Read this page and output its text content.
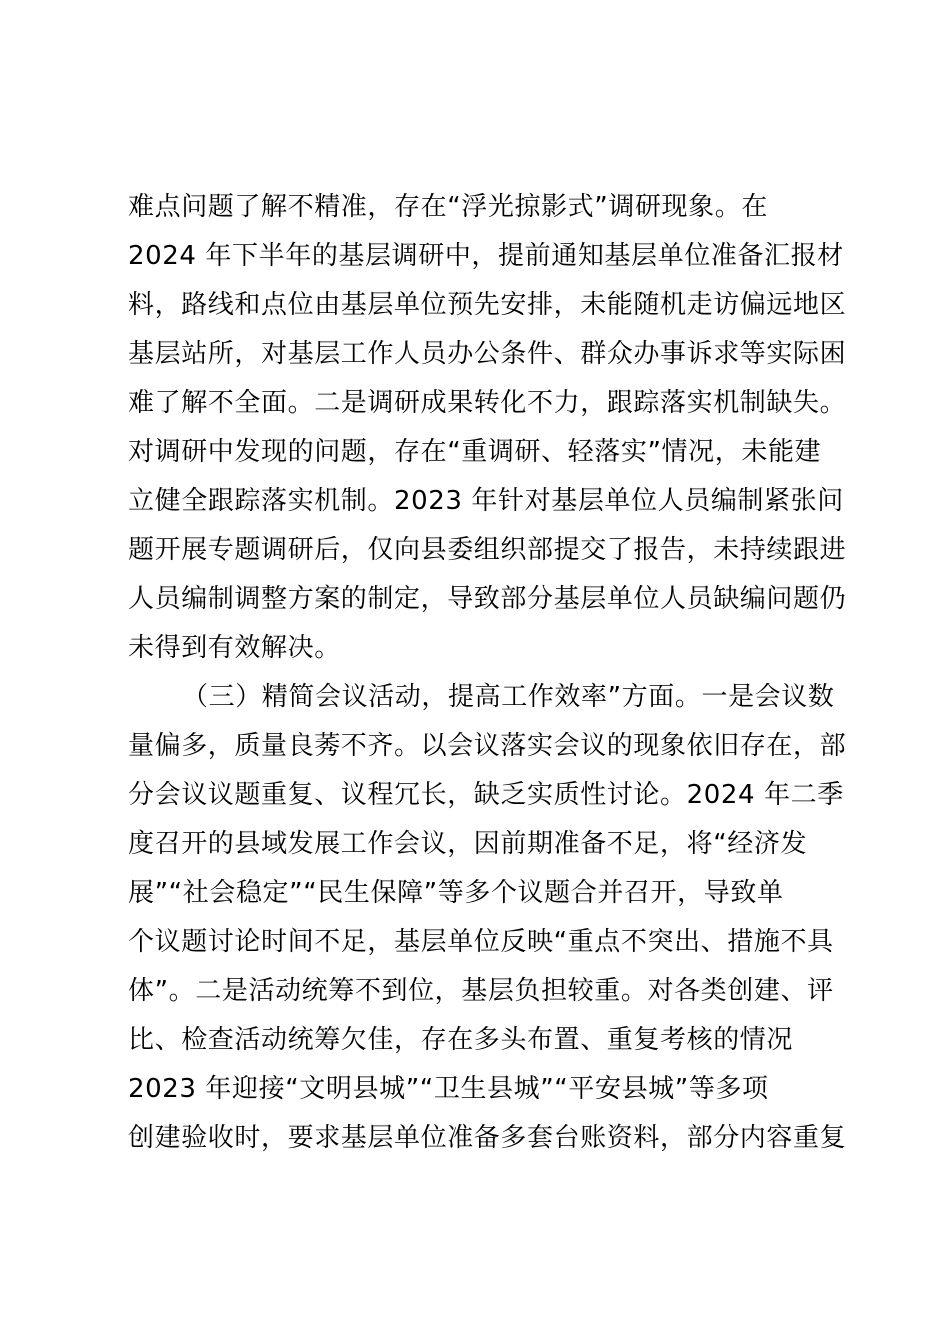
难点问题了解不精准，存在“浮光掠影式”调研现象。在
2024 年下半年的基层调研中，提前通知基层单位准备汇报材
料，路线和点位由基层单位预先安排，未能随机走访偏远地区
基层站所，对基层工作人员办公条件、群众办事诉求等实际困
难了解不全面。二是调研成果转化不力，跟踪落实机制缺失。
对调研中发现的问题，存在“重调研、轻落实”情况，未能建
立健全跟踪落实机制。2023 年针对基层单位人员编制紧张问
题开展专题调研后，仅向县委组织部提交了报告，未持续跟进
人员编制调整方案的制定，导致部分基层单位人员缺编问题仍
未得到有效解决。
（三）精简会议活动，提高工作效率”方面。一是会议数
量偏多，质量良莠不齐。以会议落实会议的现象依旧存在，部
分会议议题重复、议程冗长，缺乏实质性讨论。2024 年二季
度召开的县域发展工作会议，因前期准备不足，将“经济发
展”“社会稳定”“民生保障”等多个议题合并召开，导致单
个议题讨论时间不足，基层单位反映“重点不突出、措施不具
体”。二是活动统筹不到位，基层负担较重。对各类创建、评
比、检查活动统筹欠佳，存在多头布置、重复考核的情况
2023 年迎接“文明县城”“卫生县城”“平安县城”等多项
创建验收时，要求基层单位准备多套台账资料，部分内容重复
